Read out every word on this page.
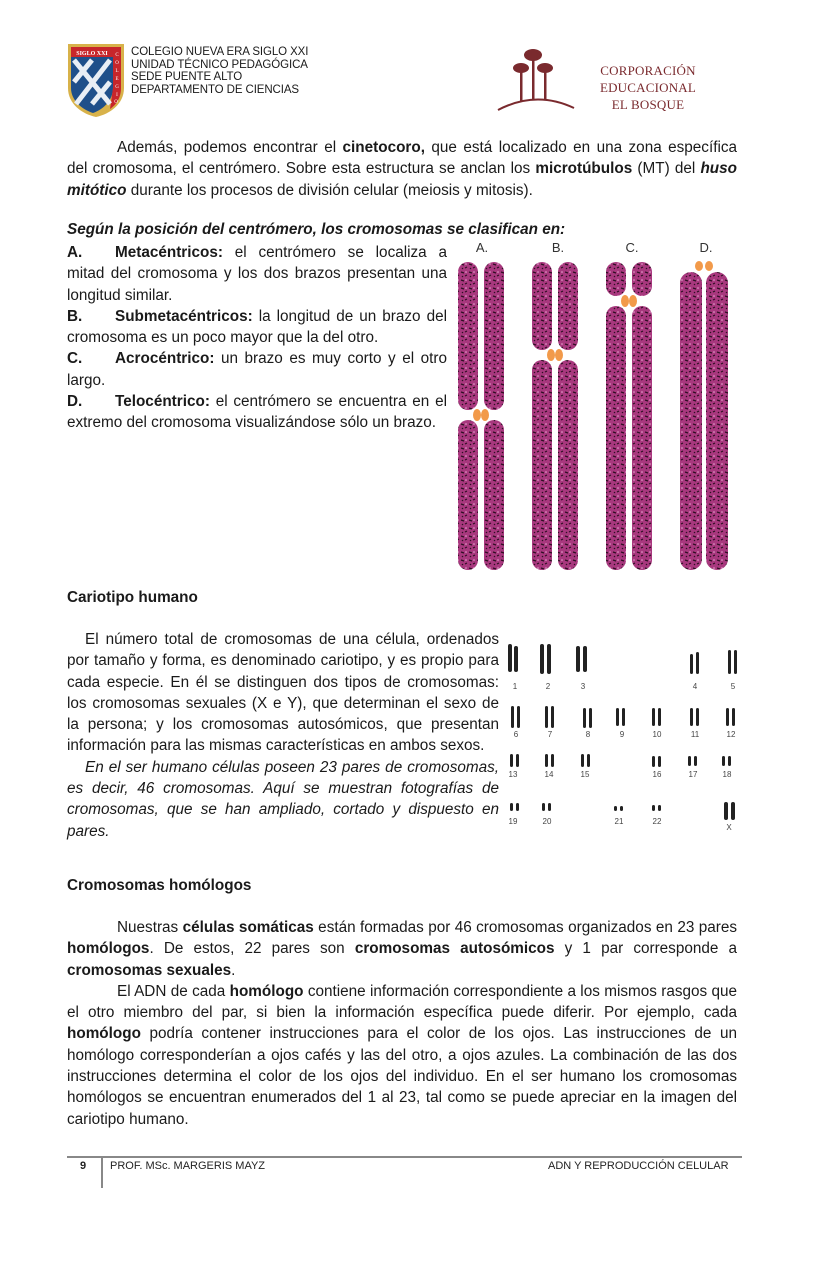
SIGLO XXI C
O
L
E
G
I
O
COLEGIO NUEVA ERA SIGLO XXI
UNIDAD TÉCNICO PEDAGÓGICA
SEDE PUENTE ALTO
DEPARTAMENTO DE CIENCIAS
CORPORACIÓN EDUCACIONAL
EL BOSQUE

Además, podemos encontrar el cinetocoro, que está localizado en una zona específica del cromosoma, el centrómero. Sobre esta estructura se anclan los microtúbulos (MT) del huso mitótico durante los procesos de división celular (meiosis y mitosis).

Según la posición del centrómero, los cromosomas se clasifican en:

A. Metacéntricos: el centrómero se localiza a mitad del cromosoma y los dos brazos presentan una longitud similar.

B. Submetacéntricos: la longitud de un brazo del cromosoma es un poco mayor que la del otro.

C. Acrocéntrico: un brazo es muy corto y el otro largo.

D. Telocéntrico: el centrómero se encuentra en el extremo del cromosoma visualizándose sólo un brazo.

A.	B.	C.	D.
Cariotipo humano

El número total de cromosomas de una célula, ordenados por tamaño y forma, es denominado cariotipo, y es propio para cada especie. En él se distinguen dos tipos de cromosomas: los cromosomas sexuales (X e Y), que determinan el sexo de la persona; y los cromosomas autosómicos, que presentan información para las mismas características en ambos sexos.

En el ser humano células poseen 23 pares de cromosomas, es decir, 46 cromosomas. Aquí se muestran fotografías de cromosomas, que se han ampliado, cortado y dispuesto en pares.

1	2	3	4	5
6	7	8	9	10	11	12
13	14	15	16	17	18
19	20	21	22
X
Cromosomas homólogos

Nuestras células somáticas están formadas por 46 cromosomas organizados en 23 pares homólogos. De estos, 22 pares son cromosomas autosómicos y 1 par corresponde a cromosomas sexuales.

El ADN de cada homólogo contiene información correspondiente a los mismos rasgos que el otro miembro del par, si bien la información específica puede diferir. Por ejemplo, cada homólogo podría contener instrucciones para el color de los ojos. Las instrucciones de un homólogo corresponderían a ojos cafés y las del otro, a ojos azules. La combinación de las dos instrucciones determina el color de los ojos del individuo. En el ser humano los cromosomas homólogos se encuentran enumerados del 1 al 23, tal como se puede apreciar en la imagen del cariotipo humano.

9 PROF. MSc. MARGERIS MAYZ	ADN Y REPRODUCCIÓN CELULAR
